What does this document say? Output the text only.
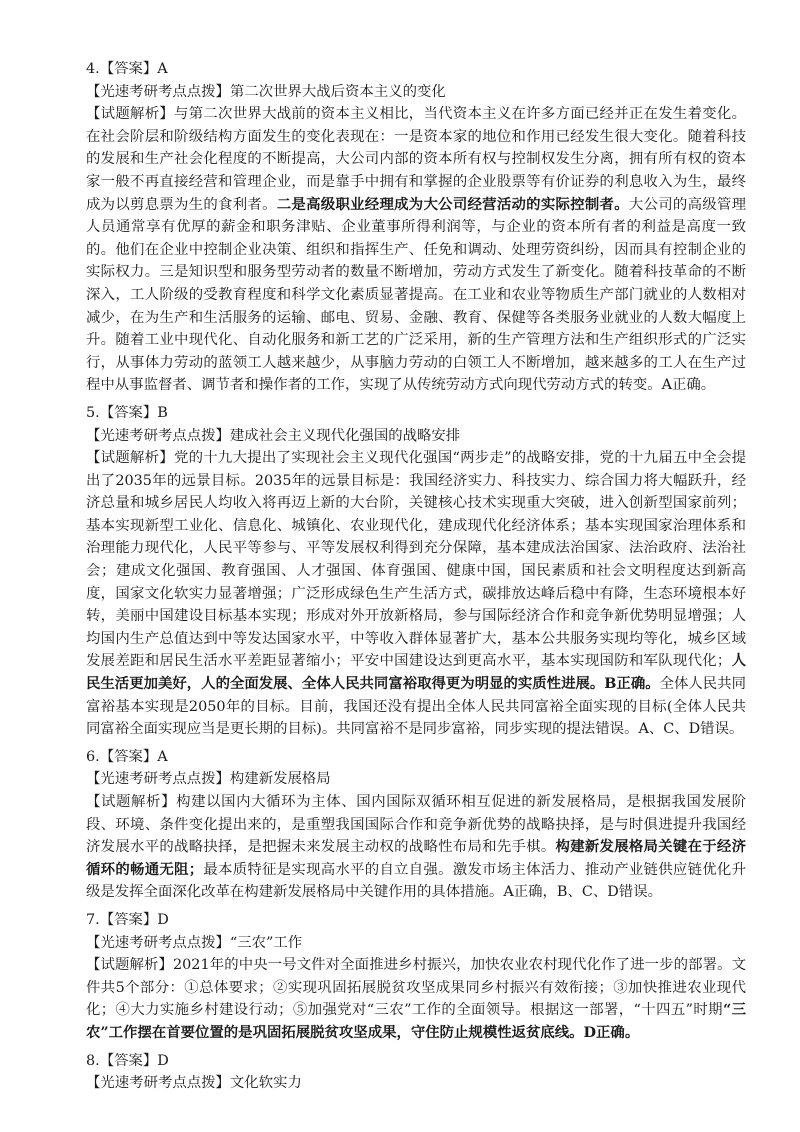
4.【答案】A
【光速考研考点点拨】第二次世界大战后资本主义的变化
【试题解析】与第二次世界大战前的资本主义相比，当代资本主义在许多方面已经并正在发生着变化。在社会阶层和阶级结构方面发生的变化表现在：一是资本家的地位和作用已经发生很大变化。随着科技的发展和生产社会化程度的不断提高，大公司内部的资本所有权与控制权发生分离，拥有所有权的资本家一般不再直接经营和管理企业，而是靠手中拥有和掌握的企业股票等有价证券的利息收入为生，最终成为以剪息票为生的食利者。二是高级职业经理成为大公司经营活动的实际控制者。大公司的高级管理人员通常享有优厚的薪金和职务津贴、企业董事所得利润等，与企业的资本所有者的利益是高度一致的。他们在企业中控制企业决策、组织和指挥生产、任免和调动、处理劳资纠纷，因而具有控制企业的实际权力。三是知识型和服务型劳动者的数量不断增加，劳动方式发生了新变化。随着科技革命的不断深入，工人阶级的受教育程度和科学文化素质显著提高。在工业和农业等物质生产部门就业的人数相对减少，在为生产和生活服务的运输、邮电、贸易、金融、教育、保健等各类服务业就业的人数大幅度上升。随着工业中现代化、自动化服务和新工艺的广泛采用，新的生产管理方法和生产组织形式的广泛实行，从事体力劳动的蓝领工人越来越少，从事脑力劳动的白领工人不断增加，越来越多的工人在生产过程中从事监督者、调节者和操作者的工作，实现了从传统劳动方式向现代劳动方式的转变。A正确。
5.【答案】B
【光速考研考点点拨】建成社会主义现代化强国的战略安排
【试题解析】党的十九大提出了实现社会主义现代化强国“两步走”的战略安排，党的十九届五中全会提出了2035年的远景目标。2035年的远景目标是：我国经济实力、科技实力、综合国力将大幅跃升，经济总量和城乡居民人均收入将再迈上新的大台阶，关键核心技术实现重大突破，进入创新型国家前列；基本实现新型工业化、信息化、城镇化、农业现代化，建成现代化经济体系；基本实现国家治理体系和治理能力现代化，人民平等参与、平等发展权利得到充分保障，基本建成法治国家、法治政府、法治社会；建成文化强国、教育强国、人才强国、体育强国、健康中国，国民素质和社会文明程度达到新高度，国家文化软实力显著增强；广泛形成绿色生产生活方式，碳排放达峰后稳中有降，生态环境根本好转，美丽中国建设目标基本实现；形成对外开放新格局，参与国际经济合作和竞争新优势明显增强；人均国内生产总值达到中等发达国家水平，中等收入群体显著扩大，基本公共服务实现均等化，城乡区域发展差距和居民生活水平差距显著缩小；平安中国建设达到更高水平，基本实现国防和军队现代化；人民生活更加美好，人的全面发展、全体人民共同富裕取得更为明显的实质性进展。B正确。全体人民共同富裕基本实现是2050年的目标。目前，我国还没有提出全体人民共同富裕全面实现的目标(全体人民共同富裕全面实现应当是更长期的目标)。共同富裕不是同步富裕，同步实现的提法错误。A、C、D错误。
6.【答案】A
【光速考研考点点拨】构建新发展格局
【试题解析】构建以国内大循环为主体、国内国际双循环相互促进的新发展格局，是根据我国发展阶段、环境、条件变化提出来的，是重塑我国国际合作和竞争新优势的战略抉择，是与时俱进提升我国经济发展水平的战略抉择，是把握未来发展主动权的战略性布局和先手棋。构建新发展格局关键在于经济循环的畅通无阻；最本质特征是实现高水平的自立自强。激发市场主体活力、推动产业链供应链优化升级是发挥全面深化改革在构建新发展格局中关键作用的具体措施。A正确，B、C、D错误。
7.【答案】D
【光速考研考点点拨】“三农”工作
【试题解析】2021年的中央一号文件对全面推进乡村振兴，加快农业农村现代化作了进一步的部署。文件共5个部分：①总体要求；②实现巩固拓展脱贫攻坚成果同乡村振兴有效衔接；③加快推进农业现代化；④大力实施乡村建设行动；⑤加强党对“三农”工作的全面领导。根据这一部署，“十四五”时期“三农”工作摆在首要位置的是巩固拓展脱贫攻坚成果，守住防止规模性返贫底线。D正确。
8.【答案】D
【光速考研考点点拨】文化软实力
